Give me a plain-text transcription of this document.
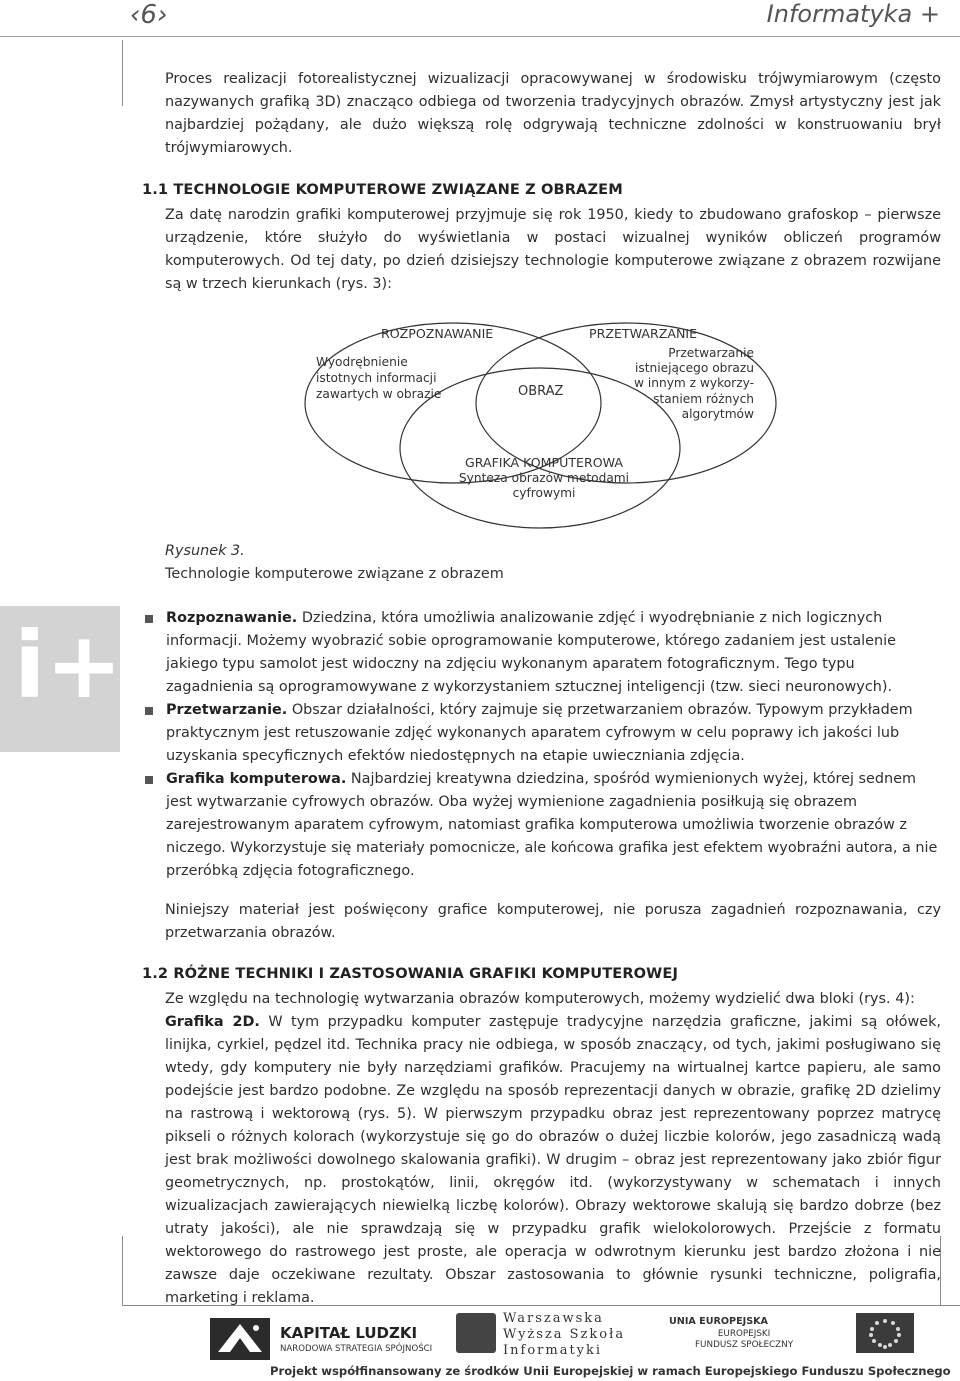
‹6›	Informatyka +
Proces realizacji fotorealistycznej wizualizacji opracowywanej w środowisku trójwymiarowym (często nazywanych grafiką 3D) znacząco odbiega od tworzenia tradycyjnych obrazów. Zmysł artystyczny jest jak najbardziej pożądany, ale dużo większą rolę odgrywają techniczne zdolności w konstruowaniu brył trójwymiarowych.
1.1 TECHNOLOGIE KOMPUTEROWE ZWIĄZANE Z OBRAZEM
Za datę narodzin grafiki komputerowej przyjmuje się rok 1950, kiedy to zbudowano grafoskop – pierwsze urządzenie, które służyło do wyświetlania w postaci wizualnej wyników obliczeń programów komputerowych. Od tej daty, po dzień dzisiejszy technologie komputerowe związane z obrazem rozwijane są w trzech kierunkach (rys. 3):
ROZPOZNAWANIE
Wyodrębnienie
istotnych informacji
zawartych w obrazie
PRZETWARZANIE
Przetwarzanie
istniejącego obrazu
w innym z wykorzy-
staniem różnych
algorytmów
OBRAZ
GRAFIKA KOMPUTEROWA
Synteza obrazów metodami
cyfrowymi
Rysunek 3.
Technologie komputerowe związane z obrazem
i+	Rozpoznawanie. Dziedzina, która umożliwia analizowanie zdjęć i wyodrębnianie z nich logicznych informacji. Możemy wyobrazić sobie oprogramowanie komputerowe, którego zadaniem jest ustalenie jakiego typu samolot jest widoczny na zdjęciu wykonanym aparatem fotograficznym. Tego typu zagadnienia są oprogramowywane z wykorzystaniem sztucznej inteligencji (tzw. sieci neuronowych).
Przetwarzanie. Obszar działalności, który zajmuje się przetwarzaniem obrazów. Typowym przykładem praktycznym jest retuszowanie zdjęć wykonanych aparatem cyfrowym w celu poprawy ich jakości lub uzyskania specyficznych efektów niedostępnych na etapie uwieczniania zdjęcia.
Grafika komputerowa. Najbardziej kreatywna dziedzina, spośród wymienionych wyżej, której sednem jest wytwarzanie cyfrowych obrazów. Oba wyżej wymienione zagadnienia posiłkują się obrazem zarejestrowanym aparatem cyfrowym, natomiast grafika komputerowa umożliwia tworzenie obrazów z niczego. Wykorzystuje się materiały pomocnicze, ale końcowa grafika jest efektem wyobraźni autora, a nie przeróbką zdjęcia fotograficznego.
Niniejszy materiał jest poświęcony grafice komputerowej, nie porusza zagadnień rozpoznawania, czy przetwarzania obrazów.
1.2 RÓŻNE TECHNIKI I ZASTOSOWANIA GRAFIKI KOMPUTEROWEJ
Ze względu na technologię wytwarzania obrazów komputerowych, możemy wydzielić dwa bloki (rys. 4):
Grafika 2D. W tym przypadku komputer zastępuje tradycyjne narzędzia graficzne, jakimi są ołówek, linijka, cyrkiel, pędzel itd. Technika pracy nie odbiega, w sposób znaczący, od tych, jakimi posługiwano się wtedy, gdy komputery nie były narzędziami grafików. Pracujemy na wirtualnej kartce papieru, ale samo podejście jest bardzo podobne. Ze względu na sposób reprezentacji danych w obrazie, grafikę 2D dzielimy na rastrową i wektorową (rys. 5). W pierwszym przypadku obraz jest reprezentowany poprzez matrycę pikseli o różnych kolorach (wykorzystuje się go do obrazów o dużej liczbie kolorów, jego zasadniczą wadą jest brak możliwości dowolnego skalowania grafiki). W drugim – obraz jest reprezentowany jako zbiór figur geometrycznych, np. prostokątów, linii, okręgów itd. (wykorzystywany w schematach i innych wizualizacjach zawierających niewielką liczbę kolorów). Obrazy wektorowe skalują się bardzo dobrze (bez utraty jakości), ale nie sprawdzają się w przypadku grafik wielokolorowych. Przejście z formatu wektorowego do rastrowego jest proste, ale operacja w odwrotnym kierunku jest bardzo złożona i nie zawsze daje oczekiwane rezultaty. Obszar zastosowania to głównie rysunki techniczne, poligrafia, marketing i reklama.
KAPITAŁ LUDZKI
NARODOWA STRATEGIA SPÓJNOŚCI
Warszawska
Wyższa Szkoła
Informatyki
UNIA EUROPEJSKA
EUROPEJSKI
FUNDUSZ SPOŁECZNY
Projekt współfinansowany ze środków Unii Europejskiej w ramach Europejskiego Funduszu Społecznego
